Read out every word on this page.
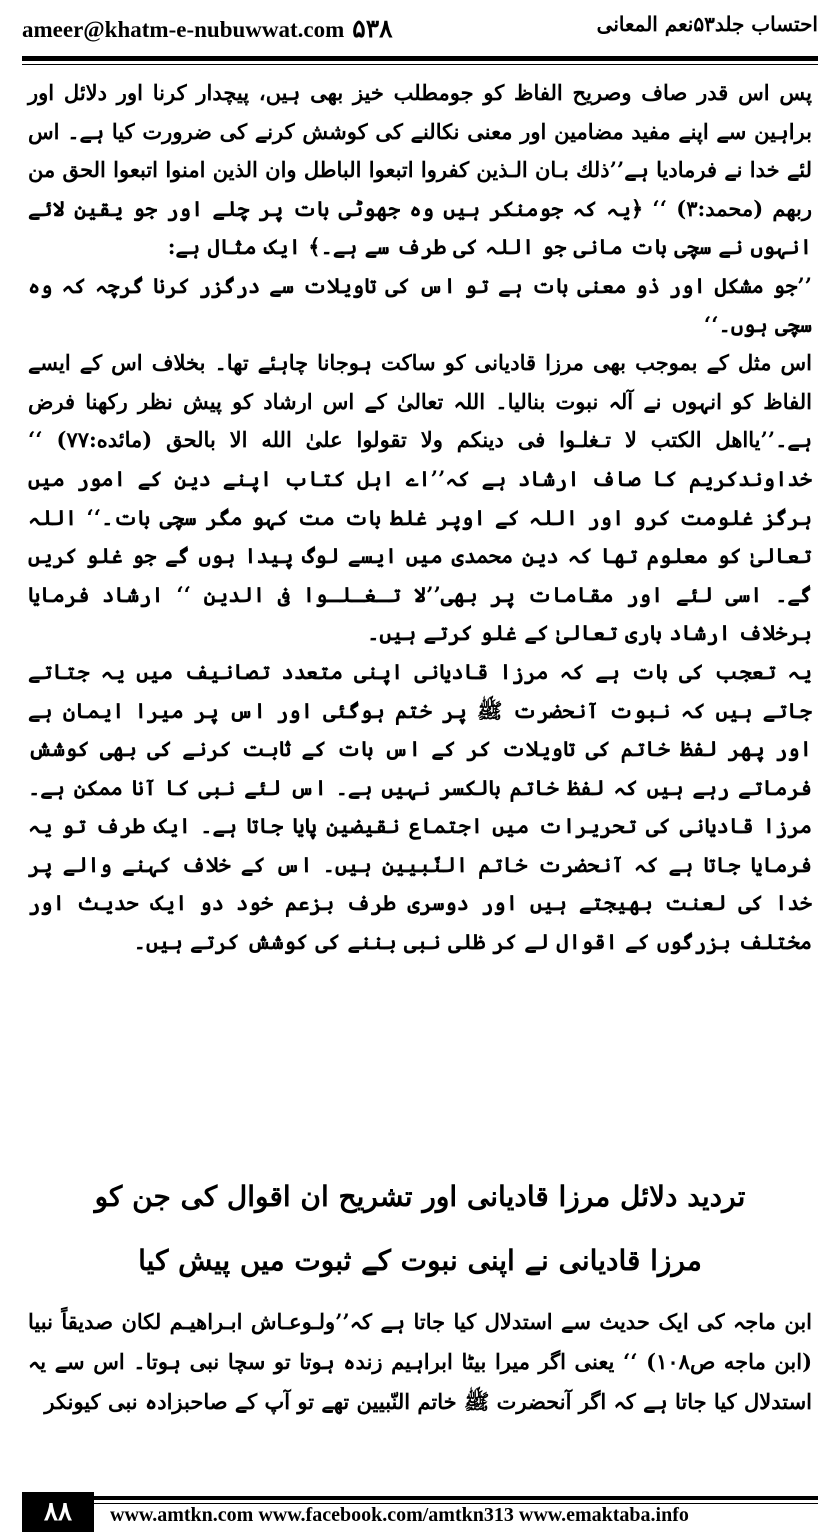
ameer@khatm-e-nubuwwat.com ۵۳۸	احتساب جلد۵۳نعم المعانی

پس اس قدر صاف وصریح الفاظ کو جومطلب خیز بھی ہیں، پیچدار کرنا اور دلائل اور براہین سے اپنے مفید مضامین اور معنی نکالنے کی کوشش کرنے کی ضرورت کیا ہے۔ اس لئے خدا نے فرمادیا ہے’’ذلك بـان الـذين كفروا اتبعوا الباطل وان الذين امنوا اتبعوا الحق من ربهم (محمد:۳) ‘‘ ﴿یہ کہ جومنکر ہیں وہ جھوٹی بات پر چلے اور جو یقین لائے انہوں نے سچی بات مانی جو اللہ کی طرف سے ہے۔﴾ ایک مثال ہے:

’’جو مشکل اور ذو معنی بات ہے تو اس کی تاویلات سے درگزر کرنا گرچہ کہ وہ سچی ہوں۔‘‘

اس مثل کے بموجب بھی مرزا قادیانی کو ساکت ہوجانا چاہئے تھا۔ بخلاف اس کے ایسے الفاظ کو انہوں نے آلہ نبوت بنالیا۔ اللہ تعالیٰ کے اس ارشاد کو پیش نظر رکھنا فرض ہے۔’’یااهل الكتب لا تـغلـوا فی دينكم ولا تقولوا علىٰ الله الا بالحق (مائده:۷۷) ‘‘ خداوندکریم کا صاف ارشاد ہے کہ’’اے اہل کتاب اپنے دین کے امور میں ہرگز غلومت کرو اور اللہ کے اوپر غلط بات مت کہو مگر سچی بات۔‘‘ اللہ تعالیٰ کو معلوم تھا کہ دین محمدی میں ایسے لوگ پیدا ہوں گے جو غلو کریں گے۔ اسی لئے اور مقامات پر بھی’’لا تـغـلـوا فی الدين ‘‘ ارشاد فرمایا برخلاف ارشاد باری تعالیٰ کے غلو کرتے ہیں۔

یہ تعجب کی بات ہے کہ مرزا قادیانی اپنی متعدد تصانیف میں یہ جتاتے جاتے ہیں کہ نبوت آنحضرت ﷺ پر ختم ہوگئی اور اس پر میرا ایمان ہے اور پھر لفظ خاتم کی تاویلات کر کے اس بات کے ثابت کرنے کی بھی کوشش فرماتے رہے ہیں کہ لفظ خاتم بالکسر نہیں ہے۔ اس لئے نبی کا آنا ممکن ہے۔ مرزا قادیانی کی تحریرات میں اجتماع نقیضین پایا جاتا ہے۔ ایک طرف تو یہ فرمایا جاتا ہے کہ آنحضرت خاتم النّبیین ہیں۔ اس کے خلاف کہنے والے پر خدا کی لعنت بھیجتے ہیں اور دوسری طرف بزعم خود دو ایک حدیث اور مختلف بزرگوں کے اقوال لے کر ظلی نبی بننے کی کوشش کرتے ہیں۔

تردید دلائل مرزا قادیانی اور تشریح ان اقوال کی جن کو

مرزا قادیانی نے اپنی نبوت کے ثبوت میں پیش کیا

ابن ماجہ کی ایک حدیث سے استدلال کیا جاتا ہے کہ’’ولـوعـاش ابـراهيـم لكان صديقاً نبيا (ابن ماجه ص۱۰۸) ‘‘ یعنی اگر میرا بیٹا ابراہیم زندہ ہوتا تو سچا نبی ہوتا۔ اس سے یہ استدلال کیا جاتا ہے کہ اگر آنحضرت ﷺ خاتم النّبیین تھے تو آپ کے صاحبزادہ نبی کیونکر

۸۸	www.amtkn.com www.facebook.com/amtkn313 www.emaktaba.info
